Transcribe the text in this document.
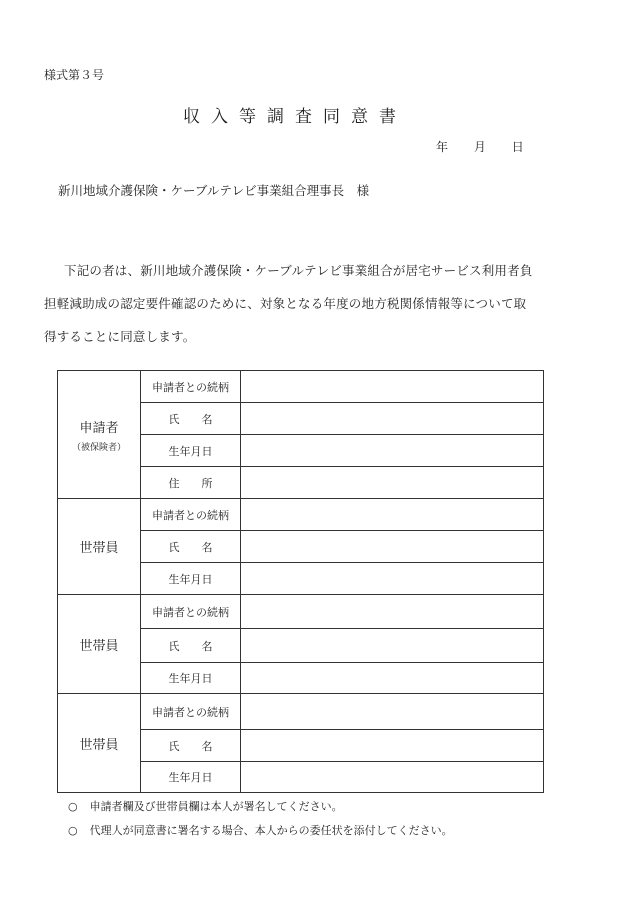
様式第３号
収入等調査同意書
年 月 日
新川地域介護保険・ケーブルテレビ事業組合理事長　様
下記の者は、新川地域介護保険・ケーブルテレビ事業組合が居宅サービス利用者負担軽減助成の認定要件確認のために、対象となる年度の地方税関係情報等について取得することに同意します。
申請者
（被保険者）	申請者との続柄	
	氏　　名	
	生年月日	
	住　　所	
世帯員	申請者との続柄	
	氏　　名	
	生年月日	
世帯員	申請者との続柄	
	氏　　名	
	生年月日	
世帯員	申請者との続柄	
	氏　　名	
	生年月日	
○ 申請者欄及び世帯員欄は本人が署名してください。
○ 代理人が同意書に署名する場合、本人からの委任状を添付してください。
